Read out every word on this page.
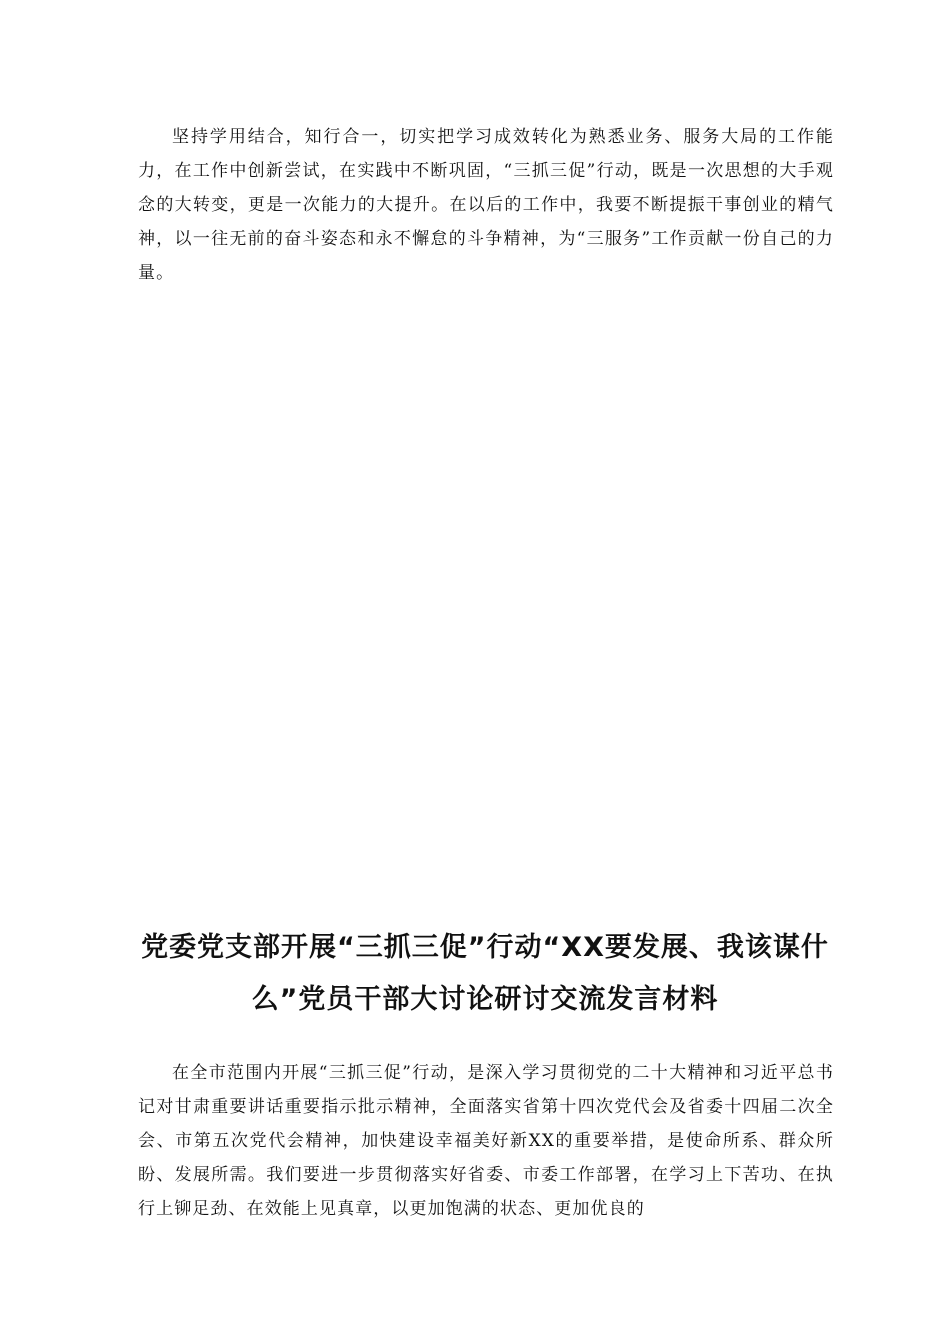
坚持学用结合，知行合一，切实把学习成效转化为熟悉业务、服务大局的工作能力，在工作中创新尝试，在实践中不断巩固，“三抓三促”行动，既是一次思想的大手观念的大转变，更是一次能力的大提升。在以后的工作中，我要不断提振干事创业的精气神，以一往无前的奋斗姿态和永不懈怠的斗争精神，为“三服务”工作贡献一份自己的力量。

党委党支部开展“三抓三促”行动“XX要发展、我该谋什么”党员干部大讨论研讨交流发言材料

在全市范围内开展“三抓三促”行动，是深入学习贯彻党的二十大精神和习近平总书记对甘肃重要讲话重要指示批示精神，全面落实省第十四次党代会及省委十四届二次全会、市第五次党代会精神，加快建设幸福美好新XX的重要举措，是使命所系、群众所盼、发展所需。我们要进一步贯彻落实好省委、市委工作部署，在学习上下苦功、在执行上铆足劲、在效能上见真章，以更加饱满的状态、更加优良的
